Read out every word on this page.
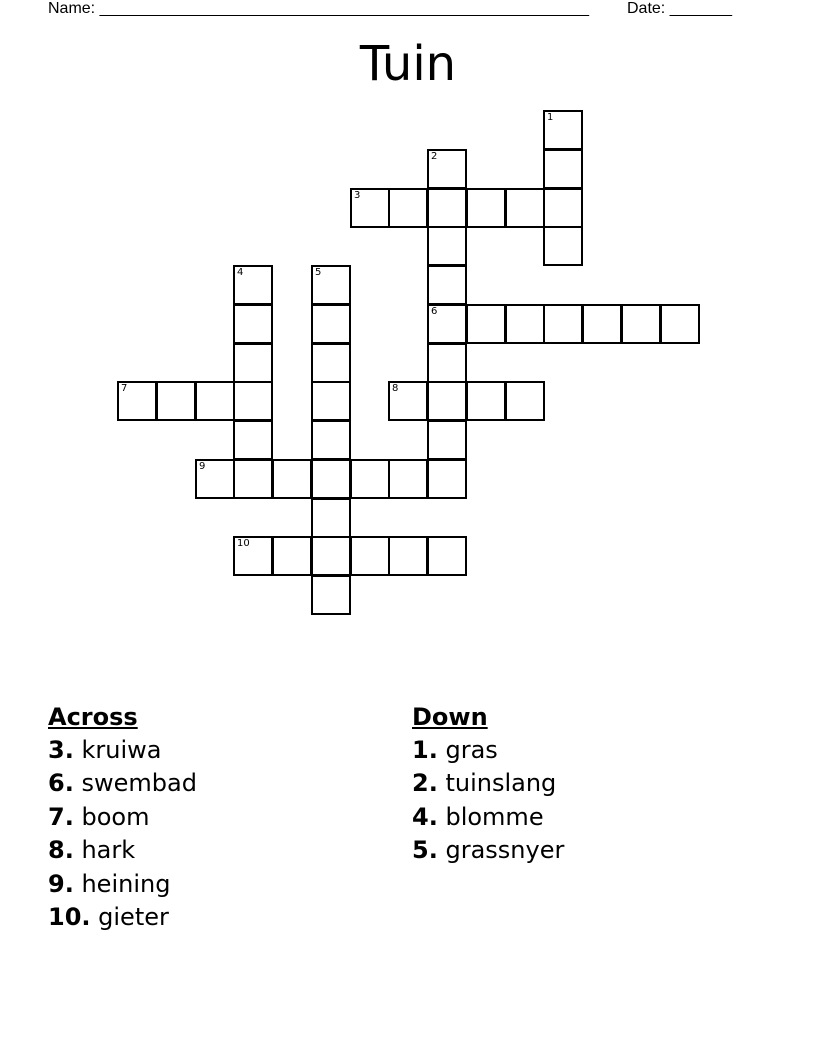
Name: _______________________________________________________ Date: _______
Tuin
1
2
6
3
4	5
7	8
9
10
Across
3. kruiwa
6. swembad
7. boom
8. hark
9. heining
10. gieter
Down
1. gras
2. tuinslang
4. blomme
5. grassnyer
